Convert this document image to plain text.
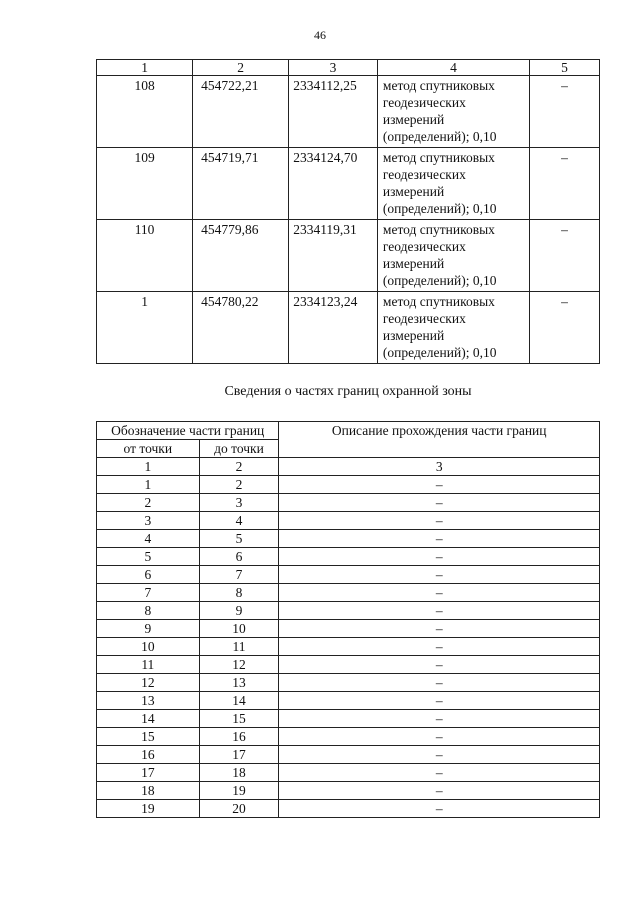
46
1	2	3	4	5
108	454722,21	2334112,25	метод спутниковых
геодезических
измерений
(определений); 0,10	–
109	454719,71	2334124,70	метод спутниковых
геодезических
измерений
(определений); 0,10	–
110	454779,86	2334119,31	метод спутниковых
геодезических
измерений
(определений); 0,10	–
1	454780,22	2334123,24	метод спутниковых
геодезических
измерений
(определений); 0,10	–
Сведения о частях границ охранной зоны
Обозначение части границ		Описание прохождения части границ
от точки	до точки	
1	2	3
1	2	–
2	3	–
3	4	–
4	5	–
5	6	–
6	7	–
7	8	–
8	9	–
9	10	–
10	11	–
11	12	–
12	13	–
13	14	–
14	15	–
15	16	–
16	17	–
17	18	–
18	19	–
19	20	–
